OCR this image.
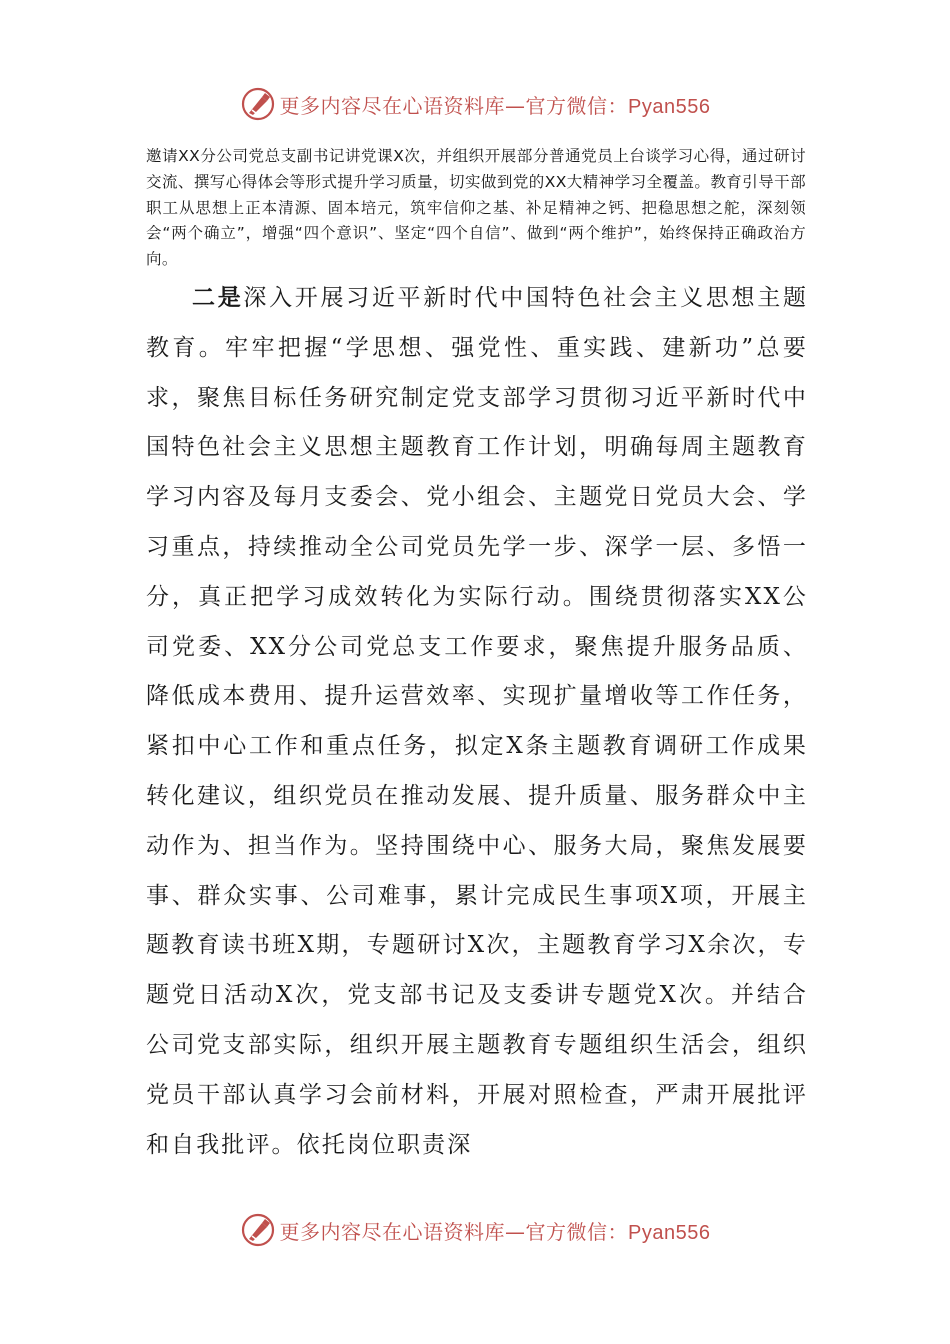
更多内容尽在心语资料库—官方微信：Pyan556

邀请XX分公司党总支副书记讲党课X次，并组织开展部分普通党员上台谈学习心得，通过研讨交流、撰写心得体会等形式提升学习质量，切实做到党的XX大精神学习全覆盖。教育引导干部职工从思想上正本清源、固本培元，筑牢信仰之基、补足精神之钙、把稳思想之舵，深刻领会“两个确立”，增强“四个意识”、坚定“四个自信”、做到“两个维护”，始终保持正确政治方向。

二是深入开展习近平新时代中国特色社会主义思想主题教育。牢牢把握“学思想、强党性、重实践、建新功”总要求，聚焦目标任务研究制定党支部学习贯彻习近平新时代中国特色社会主义思想主题教育工作计划，明确每周主题教育学习内容及每月支委会、党小组会、主题党日党员大会、学习重点，持续推动全公司党员先学一步、深学一层、多悟一分，真正把学习成效转化为实际行动。围绕贯彻落实XX公司党委、XX分公司党总支工作要求，聚焦提升服务品质、降低成本费用、提升运营效率、实现扩量增收等工作任务，紧扣中心工作和重点任务，拟定X条主题教育调研工作成果转化建议，组织党员在推动发展、提升质量、服务群众中主动作为、担当作为。坚持围绕中心、服务大局，聚焦发展要事、群众实事、公司难事，累计完成民生事项X项，开展主题教育读书班X期，专题研讨X次，主题教育学习X余次，专题党日活动X次，党支部书记及支委讲专题党X次。并结合公司党支部实际，组织开展主题教育专题组织生活会，组织党员干部认真学习会前材料，开展对照检查，严肃开展批评和自我批评。依托岗位职责深

更多内容尽在心语资料库—官方微信：Pyan556
